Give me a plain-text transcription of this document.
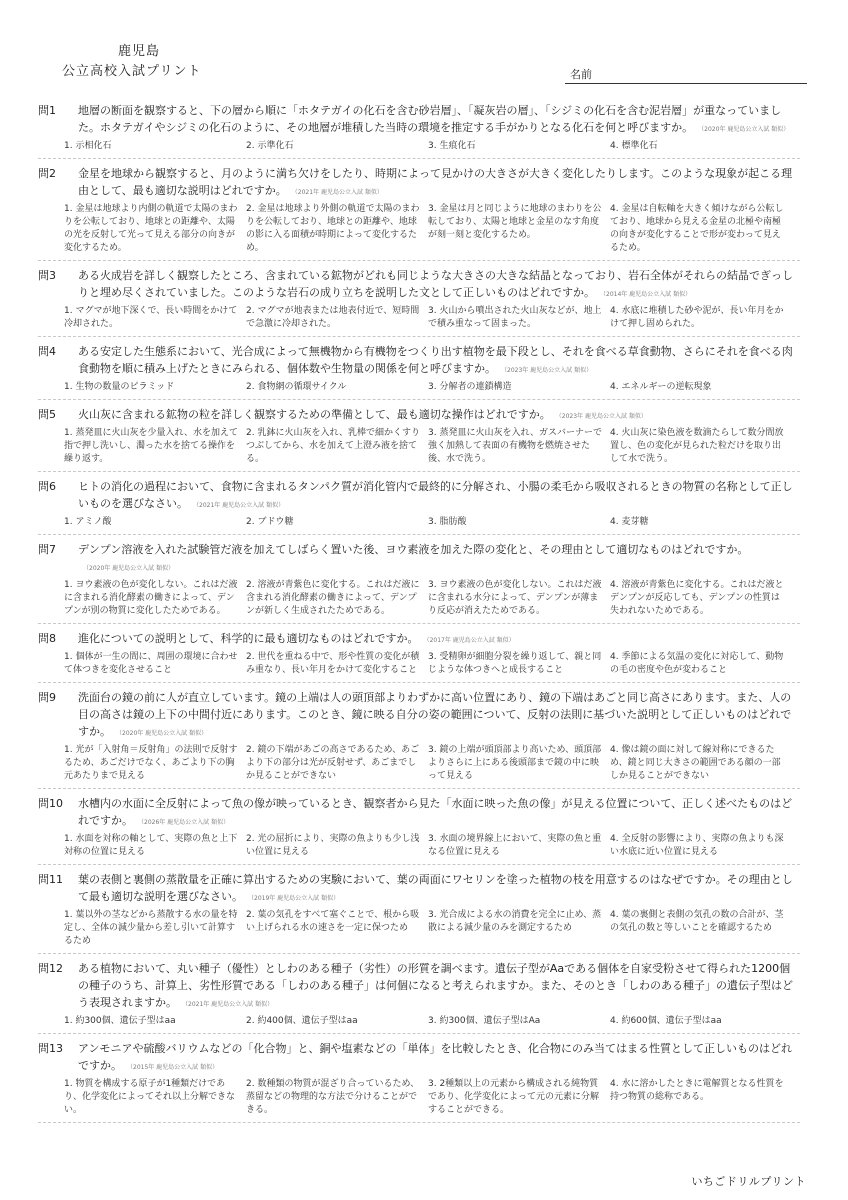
鹿児島
公立高校入試プリント	名前
問1	地層の断面を観察すると、下の層から順に「ホタテガイの化石を含む砂岩層」、「凝灰岩の層」、「シジミの化石を含む泥岩層」が重なっていました。ホタテガイやシジミの化石のように、その地層が堆積した当時の環境を推定する手がかりとなる化石を何と呼びますか。 （2020年 鹿児島公立入試 類似）
1. 示相化石	2. 示準化石	3. 生痕化石	4. 標準化石
問2	金星を地球から観察すると、月のように満ち欠けをしたり、時期によって見かけの大きさが大きく変化したりします。このような現象が起こる理由として、最も適切な説明はどれですか。 （2021年 鹿児島公立入試 類似）
1. 金星は地球より内側の軌道で太陽のまわりを公転しており、地球との距離や、太陽の光を反射して光って見える部分の向きが変化するため。
2. 金星は地球より外側の軌道で太陽のまわりを公転しており、地球との距離や、地球の影に入る面積が時期によって変化するため。
3. 金星は月と同じように地球のまわりを公転しており、太陽と地球と金星のなす角度が刻一刻と変化するため。
4. 金星は自転軸を大きく傾けながら公転しており、地球から見える金星の北極や南極の向きが変化することで形が変わって見えるため。
問3	ある火成岩を詳しく観察したところ、含まれている鉱物がどれも同じような大きさの大きな結晶となっており、岩石全体がそれらの結晶でぎっしりと埋め尽くされていました。このような岩石の成り立ちを説明した文として正しいものはどれですか。 （2014年 鹿児島公立入試 類似）
1. マグマが地下深くで、長い時間をかけて冷却された。
2. マグマが地表または地表付近で、短時間で急激に冷却された。
3. 火山から噴出された火山灰などが、地上で積み重なって固まった。
4. 水底に堆積した砂や泥が、長い年月をかけて押し固められた。
問4	ある安定した生態系において、光合成によって無機物から有機物をつくり出す植物を最下段とし、それを食べる草食動物、さらにそれを食べる肉食動物を順に積み上げたときにみられる、個体数や生物量の関係を何と呼びますか。 （2023年 鹿児島公立入試 類似）
1. 生物の数量のピラミッド	2. 食物網の循環サイクル	3. 分解者の連鎖構造	4. エネルギーの逆転現象
問5	火山灰に含まれる鉱物の粒を詳しく観察するための準備として、最も適切な操作はどれですか。 （2023年 鹿児島公立入試 類似）
1. 蒸発皿に火山灰を少量入れ、水を加えて指で押し洗いし、濁った水を捨てる操作を繰り返す。
2. 乳鉢に火山灰を入れ、乳棒で細かくすりつぶしてから、水を加えて上澄み液を捨てる。
3. 蒸発皿に火山灰を入れ、ガスバーナーで強く加熱して表面の有機物を燃焼させた後、水で洗う。
4. 火山灰に染色液を数滴たらして数分間放置し、色の変化が見られた粒だけを取り出して水で洗う。
問6	ヒトの消化の過程において、食物に含まれるタンパク質が消化管内で最終的に分解され、小腸の柔毛から吸収されるときの物質の名称として正しいものを選びなさい。 （2021年 鹿児島公立入試 類似）
1. アミノ酸	2. ブドウ糖	3. 脂肪酸	4. 麦芽糖
問7	デンプン溶液を入れた試験管だ液を加えてしばらく置いた後、ヨウ素液を加えた際の変化と、その理由として適切なものはどれですか。（2020年 鹿児島公立入試 類似）
1. ヨウ素液の色が変化しない。これはだ液に含まれる消化酵素の働きによって、デンプンが別の物質に変化したためである。
2. 溶液が青紫色に変化する。これはだ液に含まれる消化酵素の働きによって、デンプンが新しく生成されたためである。
3. ヨウ素液の色が変化しない。これはだ液に含まれる水分によって、デンプンが薄まり反応が消えたためである。
4. 溶液が青紫色に変化する。これはだ液とデンプンが反応しても、デンプンの性質は失われないためである。
問8	進化についての説明として、科学的に最も適切なものはどれですか。 （2017年 鹿児島公立入試 類似）
1. 個体が一生の間に、周囲の環境に合わせて体つきを変化させること
2. 世代を重ねる中で、形や性質の変化が積み重なり、長い年月をかけて変化すること
3. 受精卵が細胞分裂を繰り返して、親と同じような体つきへと成長すること
4. 季節による気温の変化に対応して、動物の毛の密度や色が変わること
問9	洗面台の鏡の前に人が直立しています。鏡の上端は人の頭頂部よりわずかに高い位置にあり、鏡の下端はあごと同じ高さにあります。また、人の目の高さは鏡の上下の中間付近にあります。このとき、鏡に映る自分の姿の範囲について、反射の法則に基づいた説明として正しいものはどれですか。 （2020年 鹿児島公立入試 類似）
1. 光が「入射角＝反射角」の法則で反射するため、あごだけでなく、あごより下の胸元あたりまで見える
2. 鏡の下端があごの高さであるため、あごより下の部分は光が反射せず、あごまでしか見ることができない
3. 鏡の上端が頭頂部より高いため、頭頂部よりさらに上にある後頭部まで鏡の中に映って見える
4. 像は鏡の面に対して線対称にできるため、鏡と同じ大きさの範囲である顔の一部しか見ることができない
問10	水槽内の水面に全反射によって魚の像が映っているとき、観察者から見た「水面に映った魚の像」が見える位置について、正しく述べたものはどれですか。 （2026年 鹿児島公立入試 類似）
1. 水面を対称の軸として、実際の魚と上下対称の位置に見える
2. 光の屈折により、実際の魚よりも少し浅い位置に見える
3. 水面の境界線上において、実際の魚と重なる位置に見える
4. 全反射の影響により、実際の魚よりも深い水底に近い位置に見える
問11	葉の表側と裏側の蒸散量を正確に算出するための実験において、葉の両面にワセリンを塗った植物の枝を用意するのはなぜですか。その理由として最も適切な説明を選びなさい。 （2019年 鹿児島公立入試 類似）
1. 葉以外の茎などから蒸散する水の量を特定し、全体の減少量から差し引いて計算するため
2. 葉の気孔をすべて塞ぐことで、根から吸い上げられる水の速さを一定に保つため
3. 光合成による水の消費を完全に止め、蒸散による減少量のみを測定するため
4. 葉の裏側と表側の気孔の数の合計が、茎の気孔の数と等しいことを確認するため
問12	ある植物において、丸い種子（優性）としわのある種子（劣性）の形質を調べます。遺伝子型がAaである個体を自家受粉させて得られた1200個の種子のうち、計算上、劣性形質である「しわのある種子」は何個になると考えられますか。また、そのとき「しわのある種子」の遺伝子型はどう表現されますか。 （2021年 鹿児島公立入試 類似）
1. 約300個、遺伝子型はaa	2. 約400個、遺伝子型はaa	3. 約300個、遺伝子型はAa	4. 約600個、遺伝子型はaa
問13	アンモニアや硫酸バリウムなどの「化合物」と、銅や塩素などの「単体」を比較したとき、化合物にのみ当てはまる性質として正しいものはどれですか。 （2015年 鹿児島公立入試 類似）
1. 物質を構成する原子が1種類だけであり、化学変化によってそれ以上分解できない。
2. 数種類の物質が混ざり合っているため、蒸留などの物理的な方法で分けることができる。
3. 2種類以上の元素から構成される純物質であり、化学変化によって元の元素に分解することができる。
4. 水に溶かしたときに電解質となる性質を持つ物質の総称である。
いちごドリルプリント
